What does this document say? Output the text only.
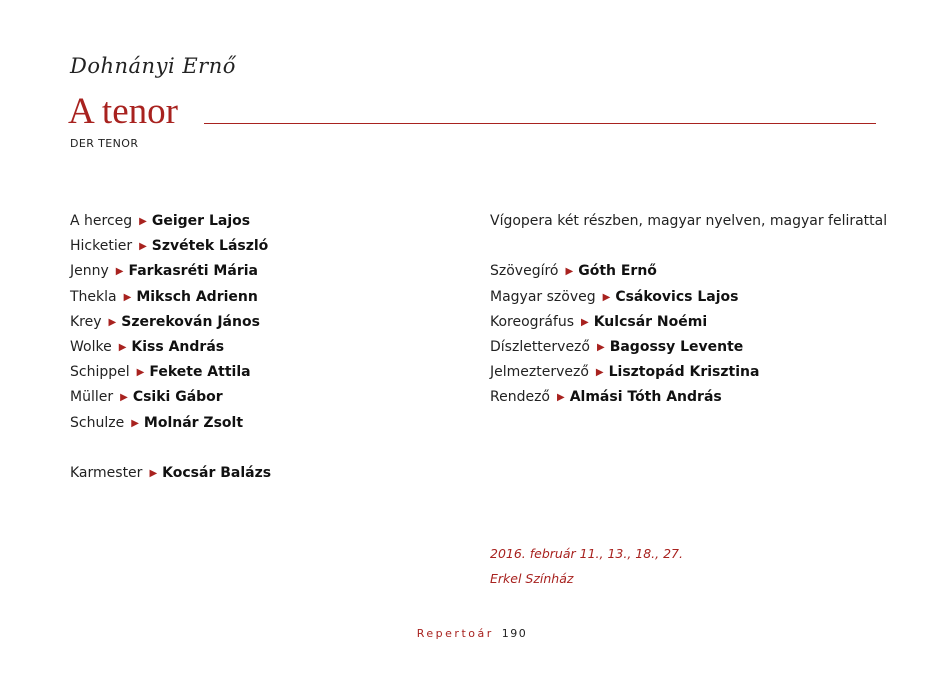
Dohnányi Ernő
A tenor
DER TENOR
A herceg ▶ Geiger Lajos
Hicketier ▶ Szvétek László
Jenny ▶ Farkasréti Mária
Thekla ▶ Miksch Adrienn
Krey ▶ Szerekován János
Wolke ▶ Kiss András
Schippel ▶ Fekete Attila
Müller ▶ Csiki Gábor
Schulze ▶ Molnár Zsolt
Karmester ▶ Kocsár Balázs
Vígopera két részben, magyar nyelven, magyar felirattal
Szövegíró ▶ Góth Ernő
Magyar szöveg ▶ Csákovics Lajos
Koreográfus ▶ Kulcsár Noémi
Díszlettervező ▶ Bagossy Levente
Jelmeztervező ▶ Lisztopád Krisztina
Rendező ▶ Almási Tóth András
2016. február 11., 13., 18., 27.
Erkel Színház
Repertoár 190
